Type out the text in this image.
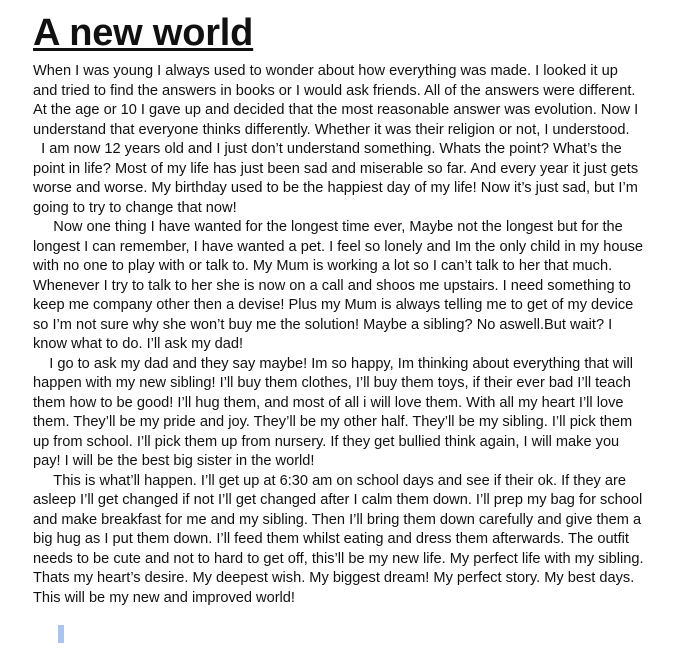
A new world

When I was young I always used to wonder about how everything was made. I looked it up and tried to find the answers in books or I would ask friends. All of the answers were different. At the age or 10 I gave up and decided that the most reasonable answer was evolution. Now I understand that everyone thinks differently. Whether it was their religion or not, I understood.

I am now 12 years old and I just don’t understand something. Whats the point? What’s the point in life? Most of my life has just been sad and miserable so far. And every year it just gets worse and worse. My birthday used to be the happiest day of my life! Now it’s just sad, but I’m going to try to change that now!

Now one thing I have wanted for the longest time ever, Maybe not the longest but for the longest I can remember, I have wanted a pet. I feel so lonely and Im the only child in my house with no one to play with or talk to. My Mum is working a lot so I can’t talk to her that much. Whenever I try to talk to her she is now on a call and shoos me upstairs. I need something to keep me company other then a devise! Plus my Mum is always telling me to get of my device so I’m not sure why she won’t buy me the solution! Maybe a sibling? No aswell.But wait? I know what to do. I’ll ask my dad!

I go to ask my dad and they say maybe! Im so happy, Im thinking about everything that will happen with my new sibling! I’ll buy them clothes, I’ll buy them toys, if their ever bad I’ll teach them how to be good! I’ll hug them, and most of all i will love them. With all my heart I’ll love them. They’ll be my pride and joy. They’ll be my other half. They’ll be my sibling. I’ll pick them up from school. I’ll pick them up from nursery. If they get bullied think again, I will make you pay! I will be the best big sister in the world!

This is what’ll happen. I’ll get up at 6:30 am on school days and see if their ok. If they are asleep I’ll get changed if not I’ll get changed after I calm them down. I’ll prep my bag for school and make breakfast for me and my sibling. Then I’ll bring them down carefully and give them a big hug as I put them down. I’ll feed them whilst eating and dress them afterwards. The outfit needs to be cute and not to hard to get off, this’ll be my new life. My perfect life with my sibling. Thats my heart’s desire. My deepest wish. My biggest dream! My perfect story. My best days. This will be my new and improved world!
